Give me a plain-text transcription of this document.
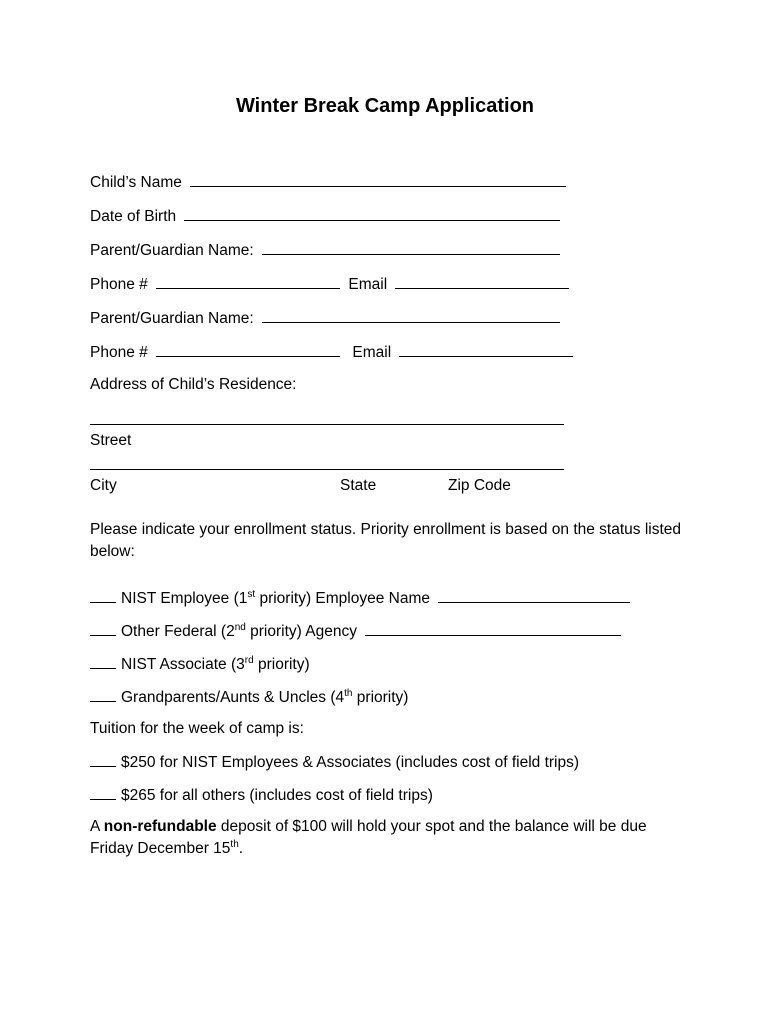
Winter Break Camp Application
Child’s Name
Date of Birth
Parent/Guardian Name:
Phone #	Email
Parent/Guardian Name:
Phone #	Email
Address of Child’s Residence:
Street
City	State	Zip Code
Please indicate your enrollment status. Priority enrollment is based on the status listed below:
NIST Employee (1st priority) Employee Name
Other Federal (2nd priority) Agency
NIST Associate (3rd priority)
Grandparents/Aunts & Uncles (4th priority)
Tuition for the week of camp is:
$250 for NIST Employees & Associates (includes cost of field trips)
$265 for all others (includes cost of field trips)
A non-refundable deposit of $100 will hold your spot and the balance will be due Friday December 15th.
